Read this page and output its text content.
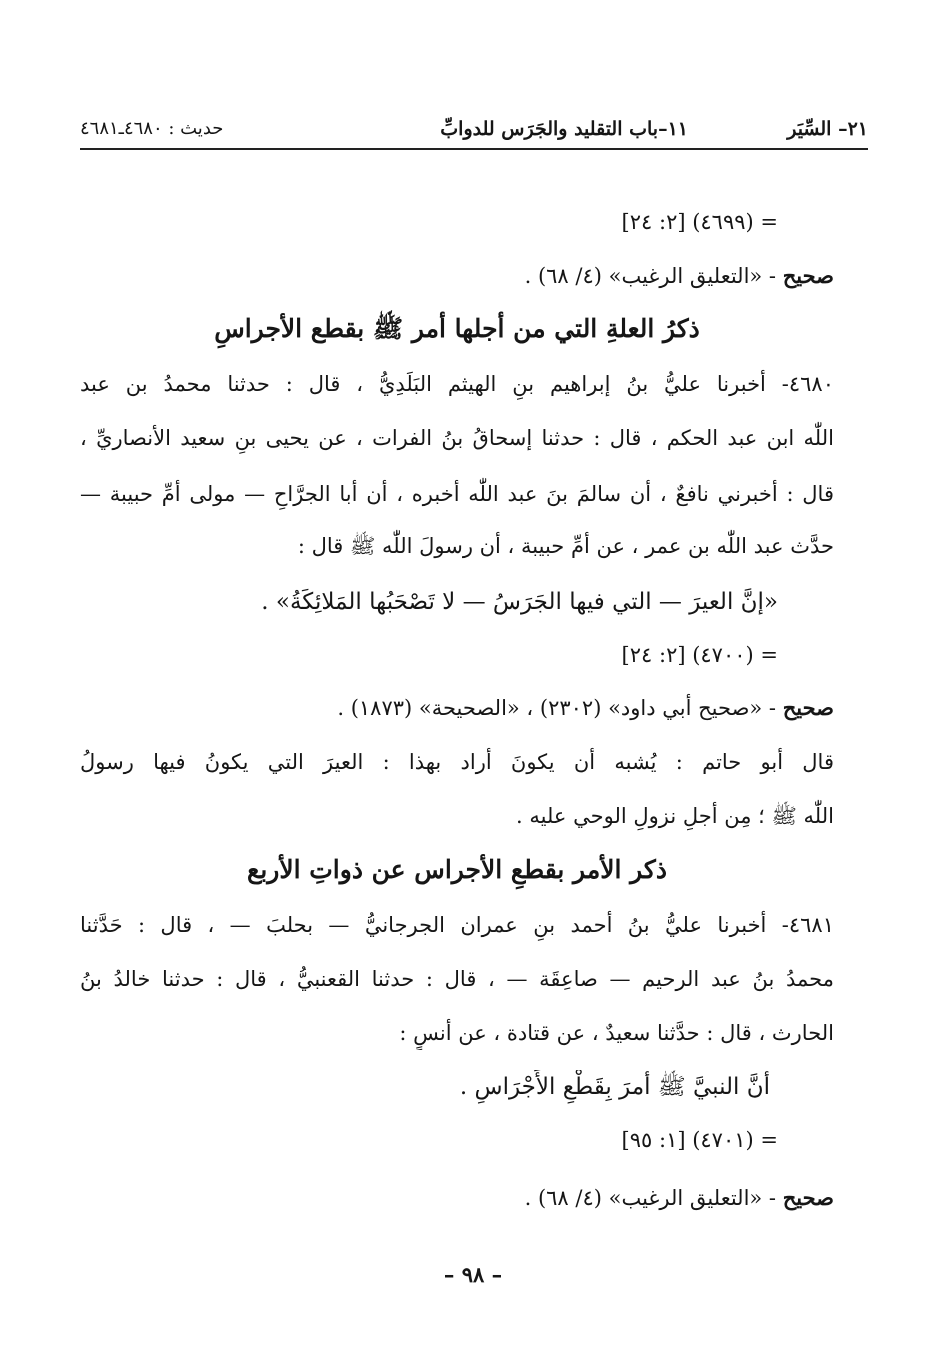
٢١– السِّيَر
١١–باب التقليد والجَرَس للدوابِّ
حديث : ٤٦٨٠ـ٤٦٨١
= (٤٦٩٩) [٢: ٢٤]
صحيح - «التعليق الرغيب» (٤/ ٦٨) .
ذكرُ العلةِ التي من أجلها أمر ﷺ بقطع الأجراسِ
٤٦٨٠- أخبرنا عليُّ بنُ إبراهيم بنِ الهيثم البَلَدِيُّ ، قال : حدثنا محمدُ بن عبد
اللّٰه ابن عبد الحكم ، قال : حدثنا إسحاقُ بنُ الفرات ، عن يحيى بنِ سعيد الأنصاريِّ ،
قال : أخبرني نافعٌ ، أن سالمَ بنَ عبد اللّٰه أخبره ، أن أبا الجرَّاحِ — مولى أمِّ حبيبة —
حدَّث عبد اللّٰه بن عمر ، عن أمِّ حبيبة ، أن رسولَ اللّٰه ﷺ قال :
«إنَّ العيرَ — التي فيها الجَرَسُ — لا تَصْحَبُها المَلائِكَةُ» .
= (٤٧٠٠) [٢: ٢٤]
صحيح - «صحيح أبي داود» (٢٣٠٢) ، «الصحيحة» (١٨٧٣) .
قال أبو حاتم : يُشبه أن يكونَ أراد بهذا : العيرَ التي يكونُ فيها رسولُ
اللّٰه ﷺ ؛ مِن أجلِ نزولِ الوحي عليه .
ذكر الأمر بقطعِ الأجراس عن ذواتِ الأربع
٤٦٨١- أخبرنا عليُّ بنُ أحمد بنِ عمران الجرجانيُّ — بحلبَ — ، قال : حَدَّثنا
محمدُ بنُ عبد الرحيم — صاعِقَة — ، قال : حدثنا القعنبيُّ ، قال : حدثنا خالدُ بنُ
الحارث ، قال : حدَّثنا سعيدٌ ، عن قتادة ، عن أنسٍ :
أنَّ النبيَّ ﷺ أمرَ بِقَطْعِ الأَجْرَاسِ .
= (٤٧٠١) [١: ٩٥]
صحيح - «التعليق الرغيب» (٤/ ٦٨) .
– ٩٨ –
